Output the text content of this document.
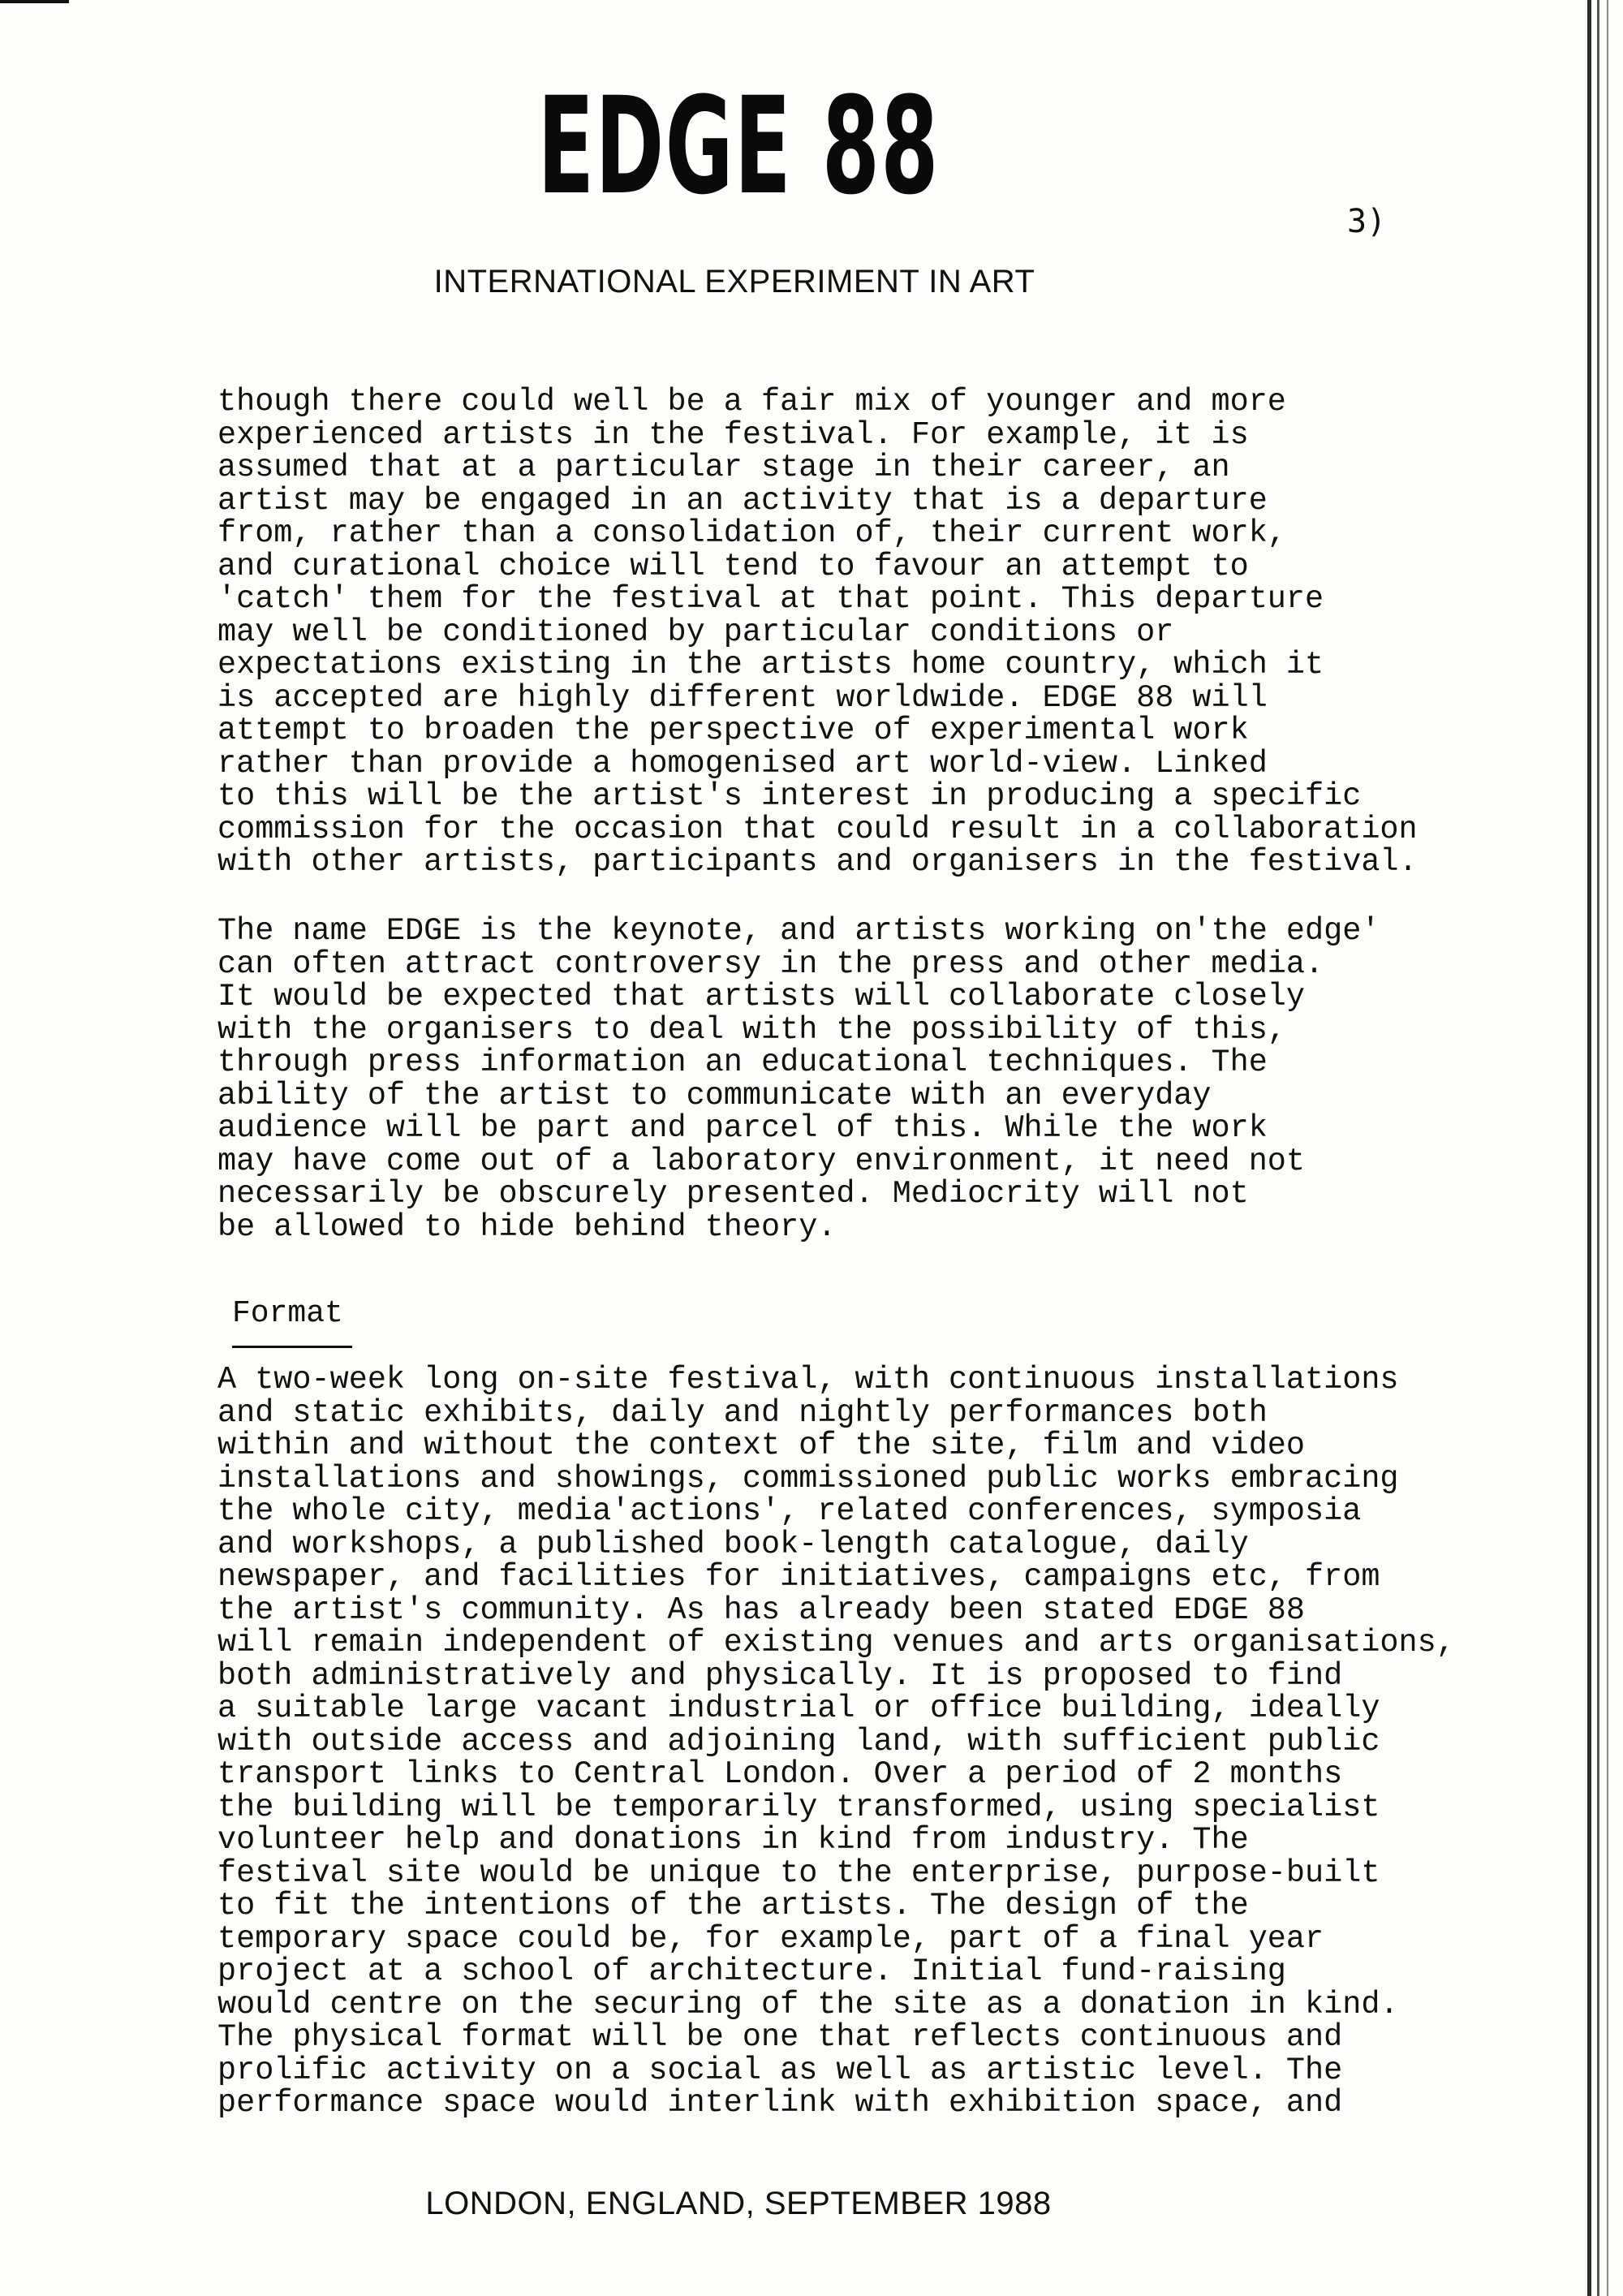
EDGE 88	3)
INTERNATIONAL EXPERIMENT IN ART
though there could well be a fair mix of younger and more
experienced artists in the festival. For example, it is
assumed that at a particular stage in their career, an
artist may be engaged in an activity that is a departure
from, rather than a consolidation of, their current work,
and curational choice will tend to favour an attempt to
'catch' them for the festival at that point. This departure
may well be conditioned by particular conditions or
expectations existing in the artists home country, which it
is accepted are highly different worldwide. EDGE 88 will
attempt to broaden the perspective of experimental work
rather than provide a homogenised art world-view. Linked
to this will be the artist's interest in producing a specific
commission for the occasion that could result in a collaboration
with other artists, participants and organisers in the festival.
The name EDGE is the keynote, and artists working on'the edge'
can often attract controversy in the press and other media.
It would be expected that artists will collaborate closely
with the organisers to deal with the possibility of this,
through press information an educational techniques. The
ability of the artist to communicate with an everyday
audience will be part and parcel of this. While the work
may have come out of a laboratory environment, it need not
necessarily be obscurely presented. Mediocrity will not
be allowed to hide behind theory.
Format
A two-week long on-site festival, with continuous installations
and static exhibits, daily and nightly performances both
within and without the context of the site, film and video
installations and showings, commissioned public works embracing
the whole city, media'actions', related conferences, symposia
and workshops, a published book-length catalogue, daily
newspaper, and facilities for initiatives, campaigns etc, from
the artist's community. As has already been stated EDGE 88
will remain independent of existing venues and arts organisations,
both administratively and physically. It is proposed to find
a suitable large vacant industrial or office building, ideally
with outside access and adjoining land, with sufficient public
transport links to Central London. Over a period of 2 months
the building will be temporarily transformed, using specialist
volunteer help and donations in kind from industry. The
festival site would be unique to the enterprise, purpose-built
to fit the intentions of the artists. The design of the
temporary space could be, for example, part of a final year
project at a school of architecture. Initial fund-raising
would centre on the securing of the site as a donation in kind.
The physical format will be one that reflects continuous and
prolific activity on a social as well as artistic level. The
performance space would interlink with exhibition space, and
LONDON, ENGLAND, SEPTEMBER 1988
